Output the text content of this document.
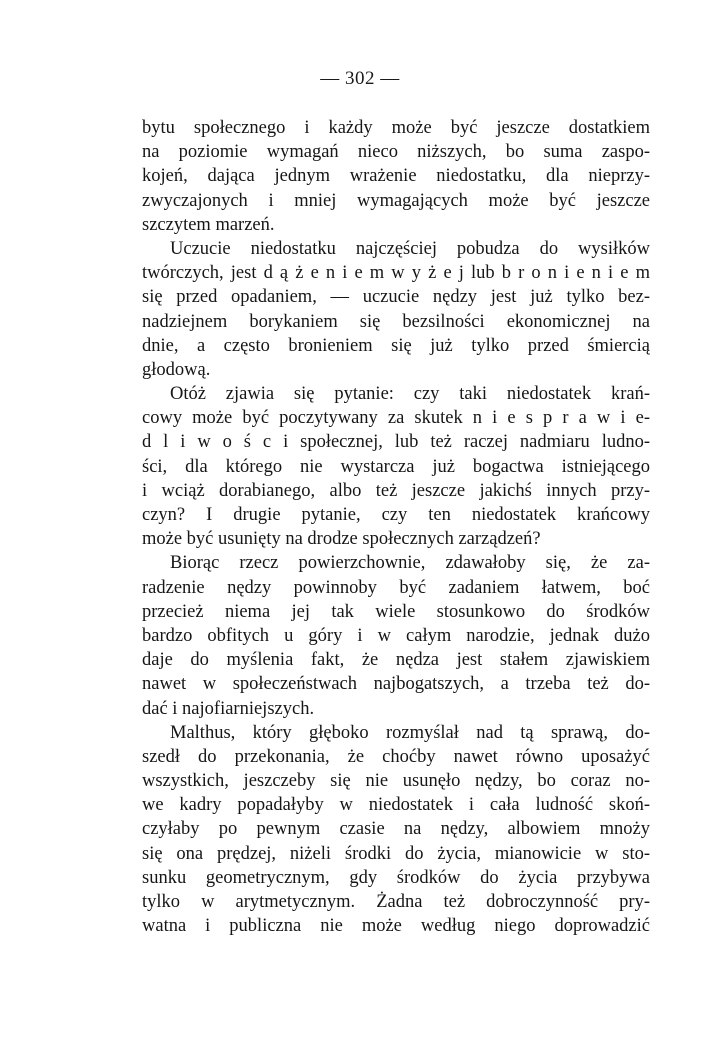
— 302 —
bytu społecznego i każdy może być jeszcze dostatkiem
na poziomie wymagań nieco niższych, bo suma zaspo-
kojeń, dająca jednym wrażenie niedostatku, dla nieprzy-
zwyczajonych i mniej wymagających może być jeszcze
szczytem marzeń.
Uczucie niedostatku najczęściej pobudza do wysiłków
twórczych, jest d ą ż e n i e m w y ż e j lub b r o n i e n i e m
się przed opadaniem, — uczucie nędzy jest już tylko bez-
nadziejnem borykaniem się bezsilności ekonomicznej na
dnie, a często bronieniem się już tylko przed śmiercią
głodową.
Otóż zjawia się pytanie: czy taki niedostatek krań-
cowy może być poczytywany za skutek n i e s p r a w i e-
d l i w o ś c i społecznej, lub też raczej nadmiaru ludno-
ści, dla którego nie wystarcza już bogactwa istniejącego
i wciąż dorabianego, albo też jeszcze jakichś innych przy-
czyn? I drugie pytanie, czy ten niedostatek krańcowy
może być usunięty na drodze społecznych zarządzeń?
Biorąc rzecz powierzchownie, zdawałoby się, że za-
radzenie nędzy powinnoby być zadaniem łatwem, boć
przecież niema jej tak wiele stosunkowo do środków
bardzo obfitych u góry i w całym narodzie, jednak dużo
daje do myślenia fakt, że nędza jest stałem zjawiskiem
nawet w społeczeństwach najbogatszych, a trzeba też do-
dać i najofiarniejszych.
Malthus, który głęboko rozmyślał nad tą sprawą, do-
szedł do przekonania, że choćby nawet równo uposażyć
wszystkich, jeszczeby się nie usunęło nędzy, bo coraz no-
we kadry popadałyby w niedostatek i cała ludność skoń-
czyłaby po pewnym czasie na nędzy, albowiem mnoży
się ona prędzej, niżeli środki do życia, mianowicie w sto-
sunku geometrycznym, gdy środków do życia przybywa
tylko w arytmetycznym. Żadna też dobroczynność pry-
watna i publiczna nie może według niego doprowadzić
